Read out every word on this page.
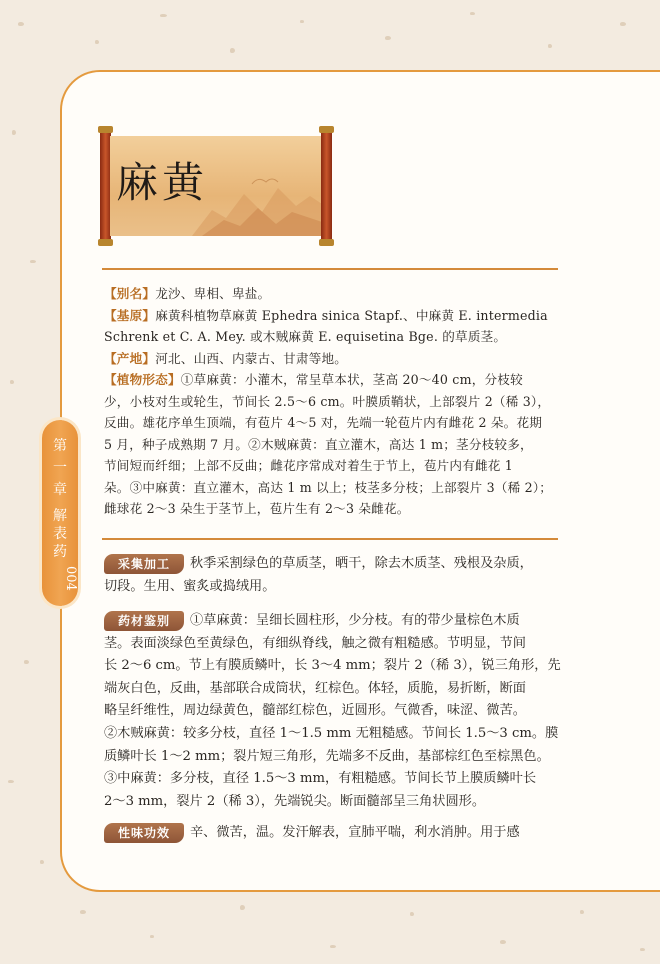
麻黄
【别名】龙沙、卑相、卑盐。
【基原】麻黄科植物草麻黄 Ephedra sinica Stapf.、中麻黄 E. intermedia
Schrenk et C. A. Mey. 或木贼麻黄 E. equisetina Bge. 的草质茎。
【产地】河北、山西、内蒙古、甘肃等地。
【植物形态】①草麻黄：小灌木，常呈草本状，茎高 20～40 cm，分枝较
少，小枝对生或轮生，节间长 2.5～6 cm。叶膜质鞘状，上部裂片 2（稀 3），
反曲。雄花序单生顶端，有苞片 4～5 对，先端一轮苞片内有雌花 2 朵。花期
5 月，种子成熟期 7 月。②木贼麻黄：直立灌木，高达 1 m；茎分枝较多，
节间短而纤细；上部不反曲；雌花序常成对着生于节上，苞片内有雌花 1
朵。③中麻黄：直立灌木，高达 1 m 以上；枝茎多分枝；上部裂片 3（稀 2）；
雌球花 2～3 朵生于茎节上，苞片生有 2～3 朵雌花。
采集加工 秋季采割绿色的草质茎，晒干，除去木质茎、残根及杂质，
切段。生用、蜜炙或捣绒用。
药材鉴别 ①草麻黄：呈细长圆柱形，少分枝。有的带少量棕色木质
茎。表面淡绿色至黄绿色，有细纵脊线，触之微有粗糙感。节明显，节间
长 2～6 cm。节上有膜质鳞叶，长 3～4 mm；裂片 2（稀 3），锐三角形，先
端灰白色，反曲，基部联合成筒状，红棕色。体轻，质脆，易折断，断面
略呈纤维性，周边绿黄色，髓部红棕色，近圆形。气微香，味涩、微苦。
②木贼麻黄：较多分枝，直径 1～1.5 mm 无粗糙感。节间长 1.5～3 cm。膜
质鳞叶长 1～2 mm；裂片短三角形，先端多不反曲，基部棕红色至棕黑色。
③中麻黄：多分枝，直径 1.5～3 mm，有粗糙感。节间长节上膜质鳞叶长
2～3 mm，裂片 2（稀 3），先端锐尖。断面髓部呈三角状圆形。
性味功效 辛、微苦，温。发汗解表，宣肺平喘，利水消肿。用于感
第
一
章
解
表
药
004
